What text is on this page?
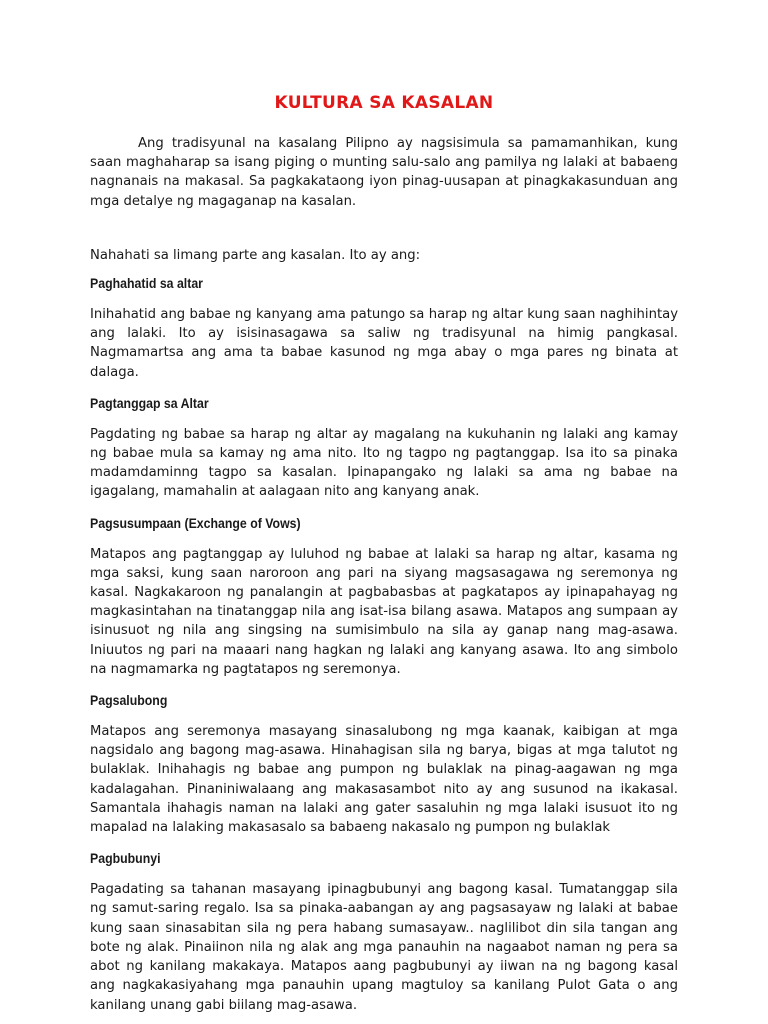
KULTURA SA KASALAN

Ang tradisyunal na kasalang Pilipno ay nagsisimula sa pamamanhikan, kung saan maghaharap sa isang piging o munting salu-salo ang pamilya ng lalaki at babaeng nagnanais na makasal. Sa pagkakataong iyon pinag-uusapan at pinagkakasunduan ang mga detalye ng magaganap na kasalan.

Nahahati sa limang parte ang kasalan. Ito ay ang:

Paghahatid sa altar

Inihahatid ang babae ng kanyang ama patungo sa harap ng altar kung saan naghihintay ang lalaki. Ito ay isisinasagawa sa saliw ng tradisyunal na himig pangkasal. Nagmamartsa ang ama ta babae kasunod ng mga abay o mga pares ng binata at dalaga.

Pagtanggap sa Altar

Pagdating ng babae sa harap ng altar ay magalang na kukuhanin ng lalaki ang kamay ng babae mula sa kamay ng ama nito. Ito ng tagpo ng pagtanggap. Isa ito sa pinaka madamdaminng tagpo sa kasalan. Ipinapangako ng lalaki sa ama ng babae na igagalang, mamahalin at aalagaan nito ang kanyang anak.

Pagsusumpaan (Exchange of Vows)

Matapos ang pagtanggap ay luluhod ng babae at lalaki sa harap ng altar, kasama ng mga saksi, kung saan naroroon ang pari na siyang magsasagawa ng seremonya ng kasal. Nagkakaroon ng panalangin at pagbabasbas at pagkatapos ay ipinapahayag ng magkasintahan na tinatanggap nila ang isat-isa bilang asawa. Matapos ang sumpaan ay isinusuot ng nila ang singsing na sumisimbulo na sila ay ganap nang mag-asawa. Iniuutos ng pari na maaari nang hagkan ng lalaki ang kanyang asawa. Ito ang simbolo na nagmamarka ng pagtatapos ng seremonya.

Pagsalubong

Matapos ang seremonya masayang sinasalubong ng mga kaanak, kaibigan at mga nagsidalo ang bagong mag-asawa. Hinahagisan sila ng barya, bigas at mga talutot ng bulaklak. Inihahagis ng babae ang pumpon ng bulaklak na pinag-aagawan ng mga kadalagahan. Pinaniniwalaang ang makasasambot nito ay ang susunod na ikakasal. Samantala ihahagis naman na lalaki ang gater sasaluhin ng mga lalaki isusuot ito ng mapalad na lalaking makasasalo sa babaeng nakasalo ng pumpon ng bulaklak

Pagbubunyi

Pagadating sa tahanan masayang ipinagbubunyi ang bagong kasal. Tumatanggap sila ng samut-saring regalo. Isa sa pinaka-aabangan ay ang pagsasayaw ng lalaki at babae kung saan sinasabitan sila ng pera habang sumasayaw.. naglilibot din sila tangan ang bote ng alak. Pinaiinon nila ng alak ang mga panauhin na nagaabot naman ng pera sa abot ng kanilang makakaya. Matapos aang pagbubunyi ay iiwan na ng bagong kasal ang nagkakasiyahang mga panauhin upang magtuloy sa kanilang Pulot Gata o ang kanilang unang gabi biilang mag-asawa.
